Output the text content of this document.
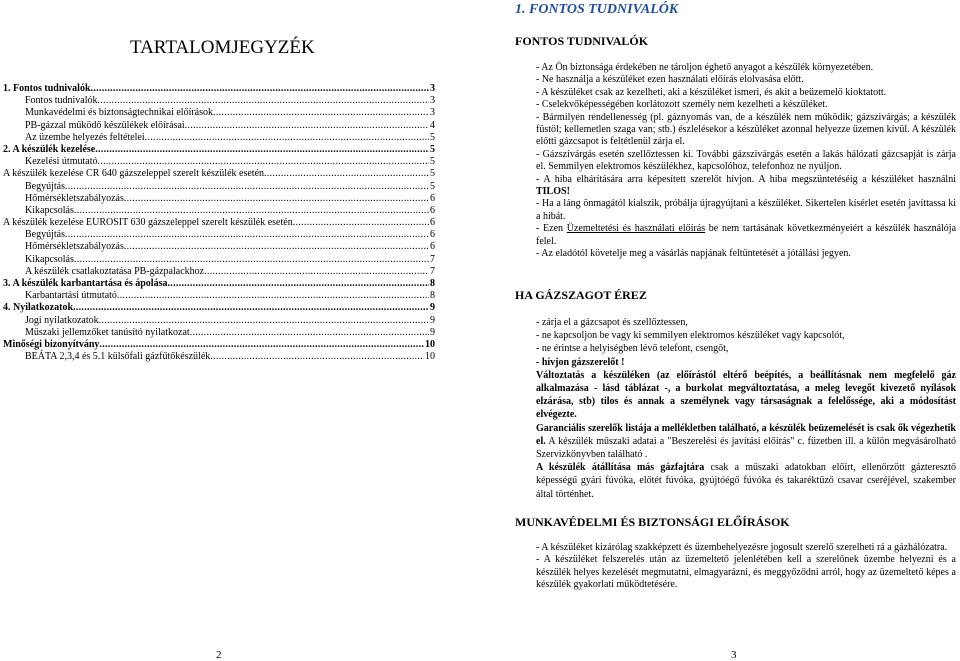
TARTALOMJEGYZÉK
1. Fontos tudnivalók .....	3
Fontos tudnivalók .....	3
Munkavédelmi és biztonságtechnikai előírások .....	3
PB-gázzal működő készülékek előírásai .....	4
Az üzembe helyezés feltételei .....	5
2. A készülék kezelése .....	5
Kezelési útmutató .....	5
A készülék kezelése CR 640 gázszeleppel szerelt készülék esetén .....	5
Begyújtás .....	5
Hőmérsékletszabályozás .....	6
Kikapcsolás .....	6
A készülék kezelése EUROSIT 630 gázszeleppel szerelt készülék esetén .....	6
Begyújtás .....	6
Hőmérsékletszabályozás .....	6
Kikapcsolás .....	7
A készülék csatlakoztatása PB-gázpalackhoz .....	7
3. A készülék karbantartása és ápolása .....	8
Karbantartási útmutató .....	8
4. Nyilatkozatok .....	9
Jogi nyilatkozatok .....	9
Műszaki jellemzőket tanúsító nyilatkozat .....	9
Minőségi bizonyítvány .....	10
BEÁTA 2,3,4 és 5.1 külsőfali gázfűtőkészülék .....	10
2
1. FONTOS TUDNIVALÓK
FONTOS TUDNIVALÓK
- Az Ön biztonsága érdekében ne tároljon éghető anyagot a készülék környezetében.
- Ne használja a készüléket ezen használati előírás elolvasása előtt.
- A készüléket csak az kezelheti, aki a készüléket ismeri, és akit a beüzemelő kioktatott.
- Cselekvőképességében korlátozott személy nem kezelheti a készüléket.
- Bármilyen rendellenesség (pl. gáznyomás van, de a készülék nem működik; gázszivárgás; a készülék füstöl; kellemetlen szaga van; stb.) észlelésekor a készüléket azonnal helyezze üzemen kívül. A készülék előtti gázcsapot is feltétlenül zárja el.
- Gázszivárgás esetén szellőztessen ki. További gázszivárgás esetén a lakás hálózati gázcsapját is zárja el. Semmilyen elektromos készülékhez, kapcsolóhoz, telefonhoz ne nyúljon.
- A hiba elhárítására arra képesített szerelőt hívjon. A hiba megszüntetéséig a készüléket használni TILOS!
- Ha a láng önmagától kialszik, próbálja újragyújtani a készüléket. Sikertelen kísérlet esetén javíttassa ki a hibát.
- Ezen Üzemeltetési és használati előírás be nem tartásának következményeiért a készülék használója felel.
- Az eladótól követelje meg a vásárlás napjának feltüntetését a jótállási jegyen.
HA GÁZSZAGOT ÉREZ
- zárja el a gázcsapot és szellőztessen,
- ne kapcsoljon be vagy ki semmilyen elektromos készüléket vagy kapcsolót,
- ne érintse a helyiségben lévő telefont, csengőt,
- hívjon gázszerelőt !
Változtatás a készüléken (az előírástól eltérő beépítés, a beállításnak nem megfelelő gáz alkalmazása - lásd táblázat -, a burkolat megváltoztatása, a meleg levegőt kivezető nyílások elzárása, stb) tilos és annak a személynek vagy társaságnak a felelőssége, aki a módosítást elvégezte.
Garanciális szerelők listája a mellékletben található, a készülék beüzemelését is csak ők végezhetik el. A készülék műszaki adatai a "Beszerelési és javítási előírás" c. füzetben ill. a külön megvásárolható Szervizkönyvben található .
A készülék átállítása más gázfajtára csak a műszaki adatokban előírt, ellenőrzött gázteresztő képességű gyári fúvóka, előtét fúvóka, gyújtóégő fúvóka és takaréktűző csavar cseréjével, szakember által történhet.
MUNKAVÉDELMI ÉS BIZTONSÁGI ELŐÍRÁSOK
- A készüléket kizárólag szakképzett és üzembehelyezésre jogosult szerelő szerelheti rá a gázhálózatra.
- A készüléket felszerelés után az üzemeltető jelenlétében kell a szerelőnek üzembe helyezni és a készülék helyes kezelését megmutatni, elmagyarázni, és meggyőződni arról, hogy az üzemeltető képes a készülék gyakorlati működtetésére.
3
